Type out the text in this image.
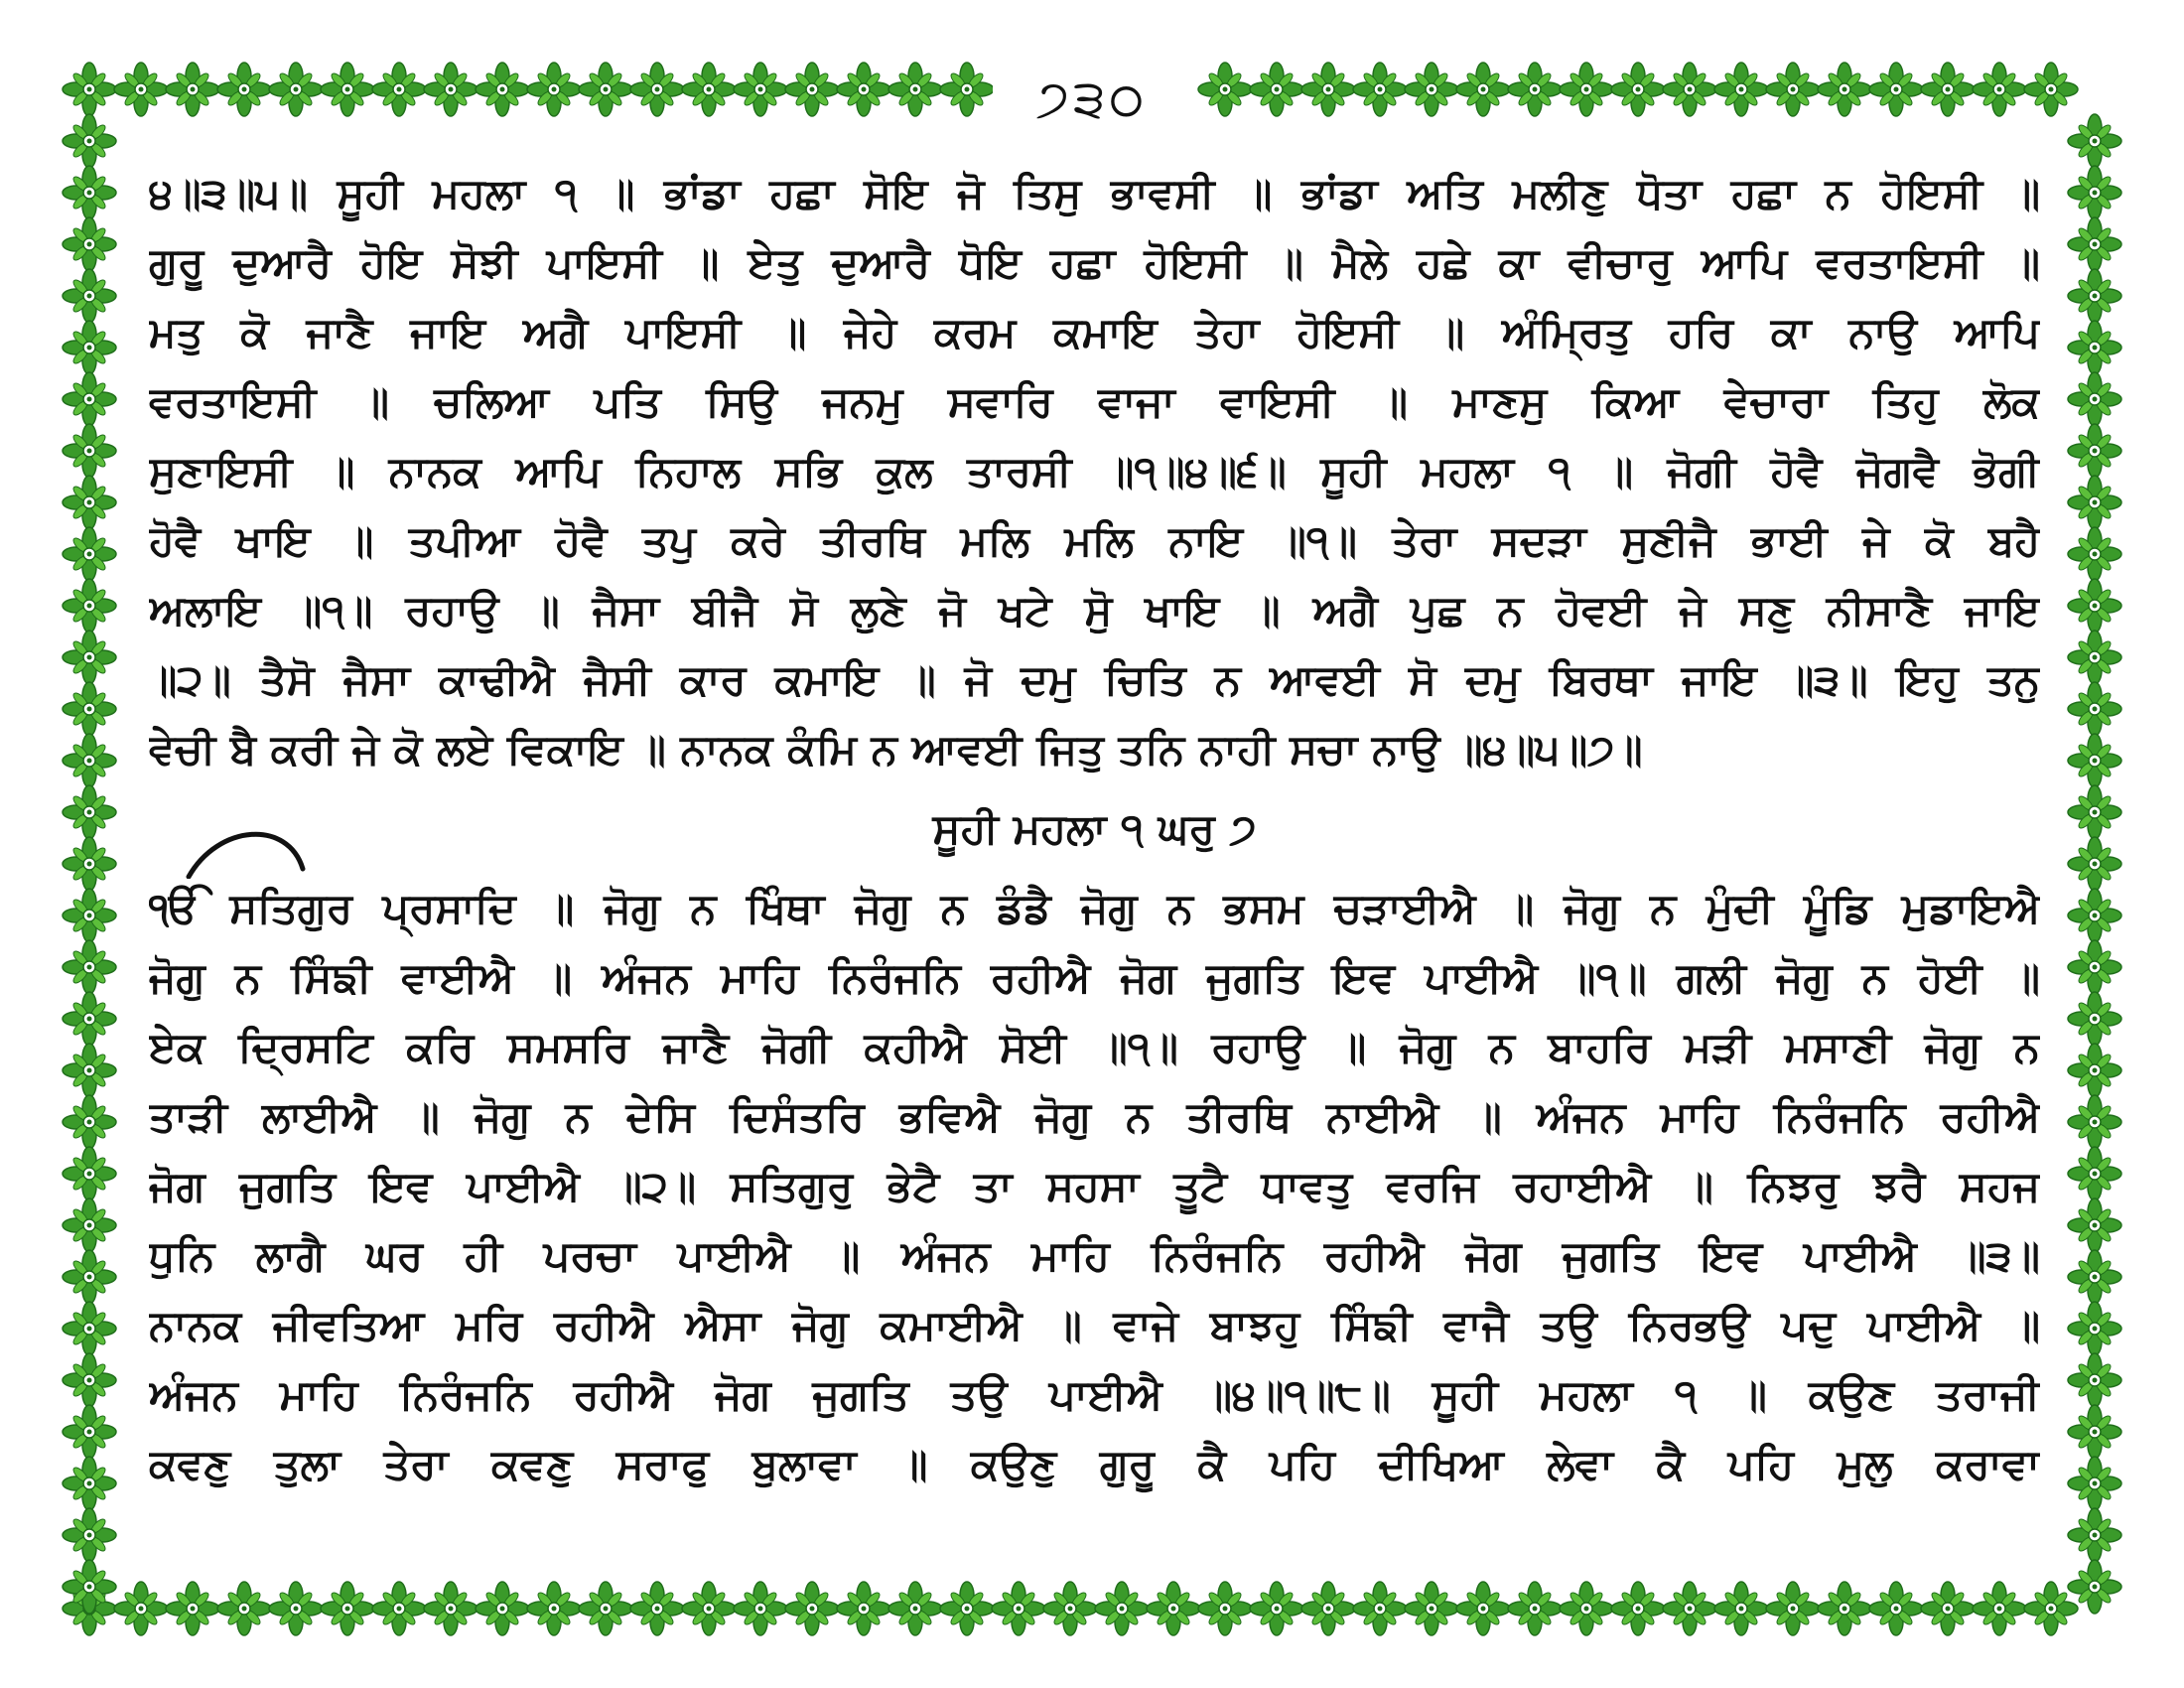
੭੩੦
੪॥੩॥੫॥ ਸੂਹੀ ਮਹਲਾ ੧ ॥ ਭਾਂਡਾ ਹਛਾ ਸੋਇ ਜੋ ਤਿਸੁ ਭਾਵਸੀ ॥ ਭਾਂਡਾ ਅਤਿ ਮਲੀਣੁ ਧੋਤਾ ਹਛਾ ਨ ਹੋਇਸੀ ॥
ਗੁਰੂ ਦੁਆਰੈ ਹੋਇ ਸੋਝੀ ਪਾਇਸੀ ॥ ਏਤੁ ਦੁਆਰੈ ਧੋਇ ਹਛਾ ਹੋਇਸੀ ॥ ਮੈਲੇ ਹਛੇ ਕਾ ਵੀਚਾਰੁ ਆਪਿ ਵਰਤਾਇਸੀ ॥
ਮਤੁ ਕੋ ਜਾਣੈ ਜਾਇ ਅਗੈ ਪਾਇਸੀ ॥ ਜੇਹੇ ਕਰਮ ਕਮਾਇ ਤੇਹਾ ਹੋਇਸੀ ॥ ਅੰਮ੍ਰਿਤੁ ਹਰਿ ਕਾ ਨਾਉ ਆਪਿ
ਵਰਤਾਇਸੀ ॥ ਚਲਿਆ ਪਤਿ ਸਿਉ ਜਨਮੁ ਸਵਾਰਿ ਵਾਜਾ ਵਾਇਸੀ ॥ ਮਾਣਸੁ ਕਿਆ ਵੇਚਾਰਾ ਤਿਹੁ ਲੋਕ
ਸੁਣਾਇਸੀ ॥ ਨਾਨਕ ਆਪਿ ਨਿਹਾਲ ਸਭਿ ਕੁਲ ਤਾਰਸੀ ॥੧॥੪॥੬॥ ਸੂਹੀ ਮਹਲਾ ੧ ॥ ਜੋਗੀ ਹੋਵੈ ਜੋਗਵੈ ਭੋਗੀ
ਹੋਵੈ ਖਾਇ ॥ ਤਪੀਆ ਹੋਵੈ ਤਪੁ ਕਰੇ ਤੀਰਥਿ ਮਲਿ ਮਲਿ ਨਾਇ ॥੧॥ ਤੇਰਾ ਸਦੜਾ ਸੁਣੀਜੈ ਭਾਈ ਜੇ ਕੋ ਬਹੈ
ਅਲਾਇ ॥੧॥ ਰਹਾਉ ॥ ਜੈਸਾ ਬੀਜੈ ਸੋ ਲੁਣੇ ਜੋ ਖਟੇ ਸੁੋ ਖਾਇ ॥ ਅਗੈ ਪੁਛ ਨ ਹੋਵਈ ਜੇ ਸਣੁ ਨੀਸਾਣੈ ਜਾਇ
॥੨॥ ਤੈਸੋ ਜੈਸਾ ਕਾਢੀਐ ਜੈਸੀ ਕਾਰ ਕਮਾਇ ॥ ਜੋ ਦਮੁ ਚਿਤਿ ਨ ਆਵਈ ਸੋ ਦਮੁ ਬਿਰਥਾ ਜਾਇ ॥੩॥ ਇਹੁ ਤਨੁ
ਵੇਚੀ ਬੈ ਕਰੀ ਜੇ ਕੋ ਲਏ ਵਿਕਾਇ ॥ ਨਾਨਕ ਕੰਮਿ ਨ ਆਵਈ ਜਿਤੁ ਤਨਿ ਨਾਹੀ ਸਚਾ ਨਾਉ ॥੪॥੫॥੭॥
ਸੂਹੀ ਮਹਲਾ ੧ ਘਰੁ ੭
ੴ ਸਤਿਗੁਰ ਪ੍ਰਸਾਦਿ ॥ ਜੋਗੁ ਨ ਖਿੰਥਾ ਜੋਗੁ ਨ ਡੰਡੈ ਜੋਗੁ ਨ ਭਸਮ ਚੜਾਈਐ ॥ ਜੋਗੁ ਨ ਮੁੰਦੀ ਮੂੰਡਿ ਮੁਡਾਇਐ
ਜੋਗੁ ਨ ਸਿੰਙੀ ਵਾਈਐ ॥ ਅੰਜਨ ਮਾਹਿ ਨਿਰੰਜਨਿ ਰਹੀਐ ਜੋਗ ਜੁਗਤਿ ਇਵ ਪਾਈਐ ॥੧॥ ਗਲੀ ਜੋਗੁ ਨ ਹੋਈ ॥
ਏਕ ਦ੍ਰਿਸਟਿ ਕਰਿ ਸਮਸਰਿ ਜਾਣੈ ਜੋਗੀ ਕਹੀਐ ਸੋਈ ॥੧॥ ਰਹਾਉ ॥ ਜੋਗੁ ਨ ਬਾਹਰਿ ਮੜੀ ਮਸਾਣੀ ਜੋਗੁ ਨ
ਤਾੜੀ ਲਾਈਐ ॥ ਜੋਗੁ ਨ ਦੇਸਿ ਦਿਸੰਤਰਿ ਭਵਿਐ ਜੋਗੁ ਨ ਤੀਰਥਿ ਨਾਈਐ ॥ ਅੰਜਨ ਮਾਹਿ ਨਿਰੰਜਨਿ ਰਹੀਐ
ਜੋਗ ਜੁਗਤਿ ਇਵ ਪਾਈਐ ॥੨॥ ਸਤਿਗੁਰੁ ਭੇਟੈ ਤਾ ਸਹਸਾ ਤੂਟੈ ਧਾਵਤੁ ਵਰਜਿ ਰਹਾਈਐ ॥ ਨਿਝਰੁ ਝਰੈ ਸਹਜ
ਧੁਨਿ ਲਾਗੈ ਘਰ ਹੀ ਪਰਚਾ ਪਾਈਐ ॥ ਅੰਜਨ ਮਾਹਿ ਨਿਰੰਜਨਿ ਰਹੀਐ ਜੋਗ ਜੁਗਤਿ ਇਵ ਪਾਈਐ ॥੩॥
ਨਾਨਕ ਜੀਵਤਿਆ ਮਰਿ ਰਹੀਐ ਐਸਾ ਜੋਗੁ ਕਮਾਈਐ ॥ ਵਾਜੇ ਬਾਝਹੁ ਸਿੰਙੀ ਵਾਜੈ ਤਉ ਨਿਰਭਉ ਪਦੁ ਪਾਈਐ ॥
ਅੰਜਨ ਮਾਹਿ ਨਿਰੰਜਨਿ ਰਹੀਐ ਜੋਗ ਜੁਗਤਿ ਤਉ ਪਾਈਐ ॥੪॥੧॥੮॥ ਸੂਹੀ ਮਹਲਾ ੧ ॥ ਕਉਣ ਤਰਾਜੀ
ਕਵਣੁ ਤੁਲਾ ਤੇਰਾ ਕਵਣੁ ਸਰਾਫੁ ਬੁਲਾਵਾ ॥ ਕਉਣੁ ਗੁਰੂ ਕੈ ਪਹਿ ਦੀਖਿਆ ਲੇਵਾ ਕੈ ਪਹਿ ਮੁਲੁ ਕਰਾਵਾ
